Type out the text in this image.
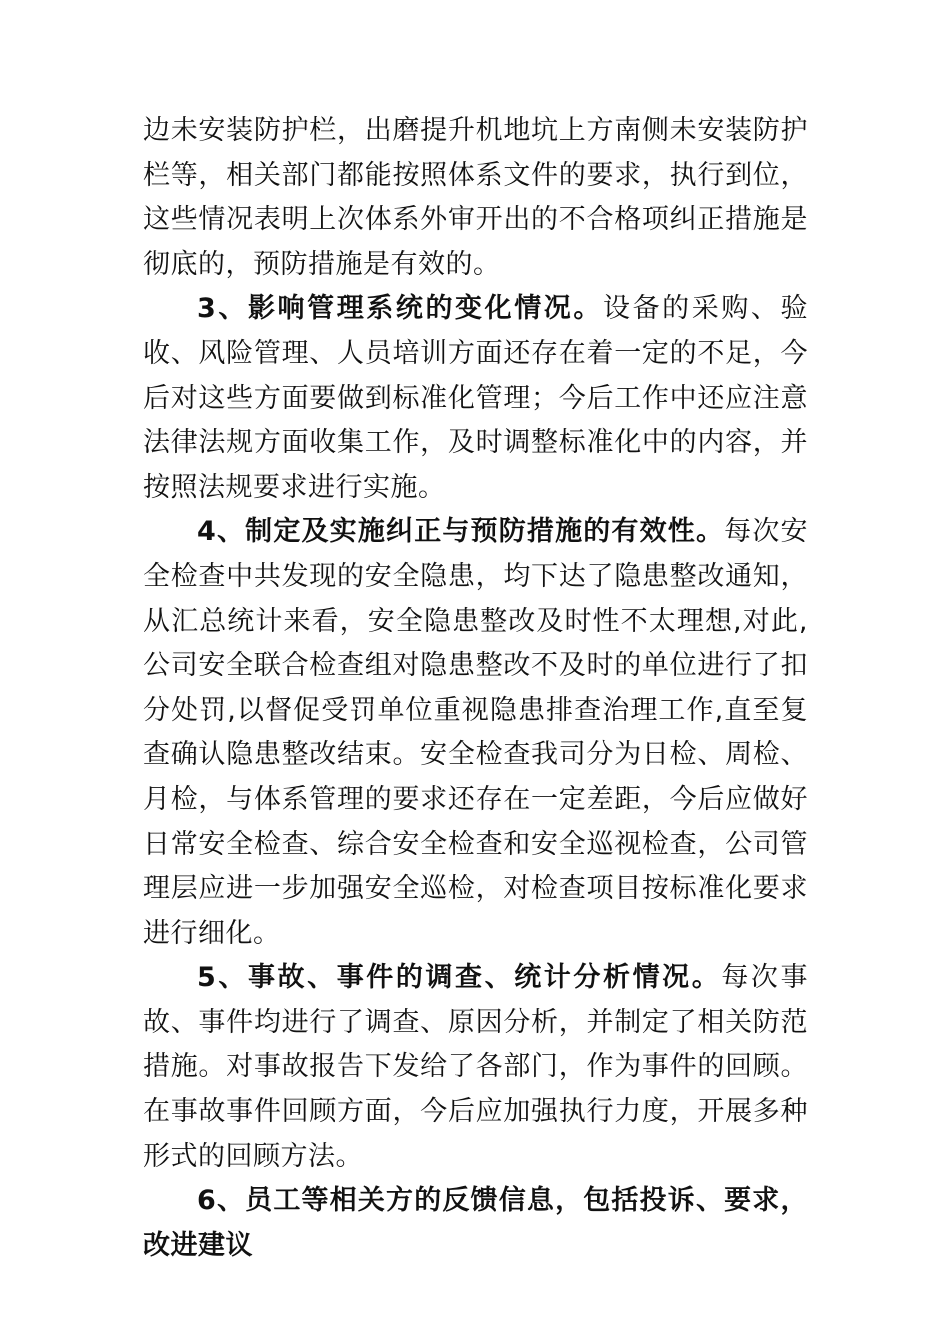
边未安装防护栏，出磨提升机地坑上方南侧未安装防护栏等，相关部门都能按照体系文件的要求，执行到位，这些情况表明上次体系外审开出的不合格项纠正措施是彻底的，预防措施是有效的。

3、影响管理系统的变化情况。设备的采购、验收、风险管理、人员培训方面还存在着一定的不足，今后对这些方面要做到标准化管理；今后工作中还应注意法律法规方面收集工作，及时调整标准化中的内容，并按照法规要求进行实施。

4、制定及实施纠正与预防措施的有效性。每次安全检查中共发现的安全隐患，均下达了隐患整改通知，从汇总统计来看，安全隐患整改及时性不太理想,对此,公司安全联合检查组对隐患整改不及时的单位进行了扣分处罚,以督促受罚单位重视隐患排查治理工作,直至复查确认隐患整改结束。安全检查我司分为日检、周检、月检，与体系管理的要求还存在一定差距，今后应做好日常安全检查、综合安全检查和安全巡视检查，公司管理层应进一步加强安全巡检，对检查项目按标准化要求进行细化。

5、事故、事件的调查、统计分析情况。每次事故、事件均进行了调查、原因分析，并制定了相关防范措施。对事故报告下发给了各部门，作为事件的回顾。在事故事件回顾方面，今后应加强执行力度，开展多种形式的回顾方法。

6、员工等相关方的反馈信息，包括投诉、要求，改进建议
